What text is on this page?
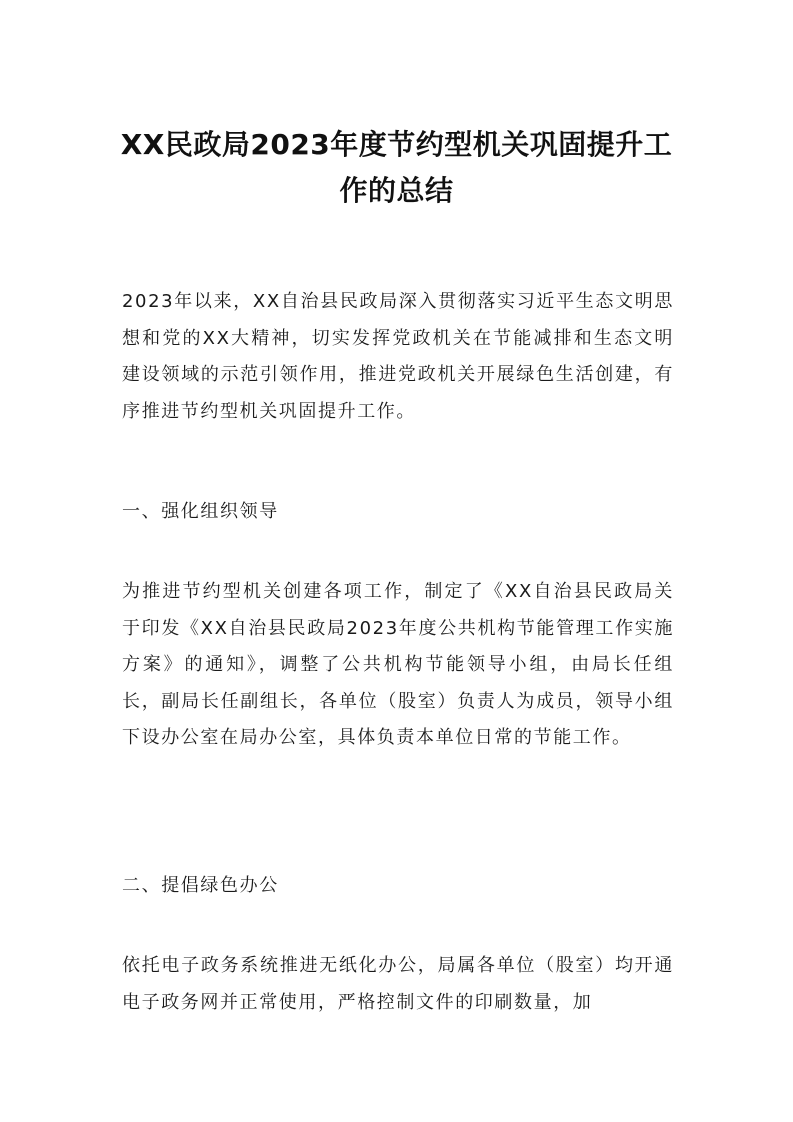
XX民政局2023年度节约型机关巩固提升工作的总结

2023年以来，XX自治县民政局深入贯彻落实习近平生态文明思想和党的XX大精神，切实发挥党政机关在节能减排和生态文明建设领域的示范引领作用，推进党政机关开展绿色生活创建，有序推进节约型机关巩固提升工作。

一、强化组织领导

为推进节约型机关创建各项工作，制定了《XX自治县民政局关于印发《XX自治县民政局2023年度公共机构节能管理工作实施方案》的通知》，调整了公共机构节能领导小组，由局长任组长，副局长任副组长，各单位（股室）负责人为成员，领导小组下设办公室在局办公室，具体负责本单位日常的节能工作。

二、提倡绿色办公

依托电子政务系统推进无纸化办公，局属各单位（股室）均开通电子政务网并正常使用，严格控制文件的印刷数量，加
